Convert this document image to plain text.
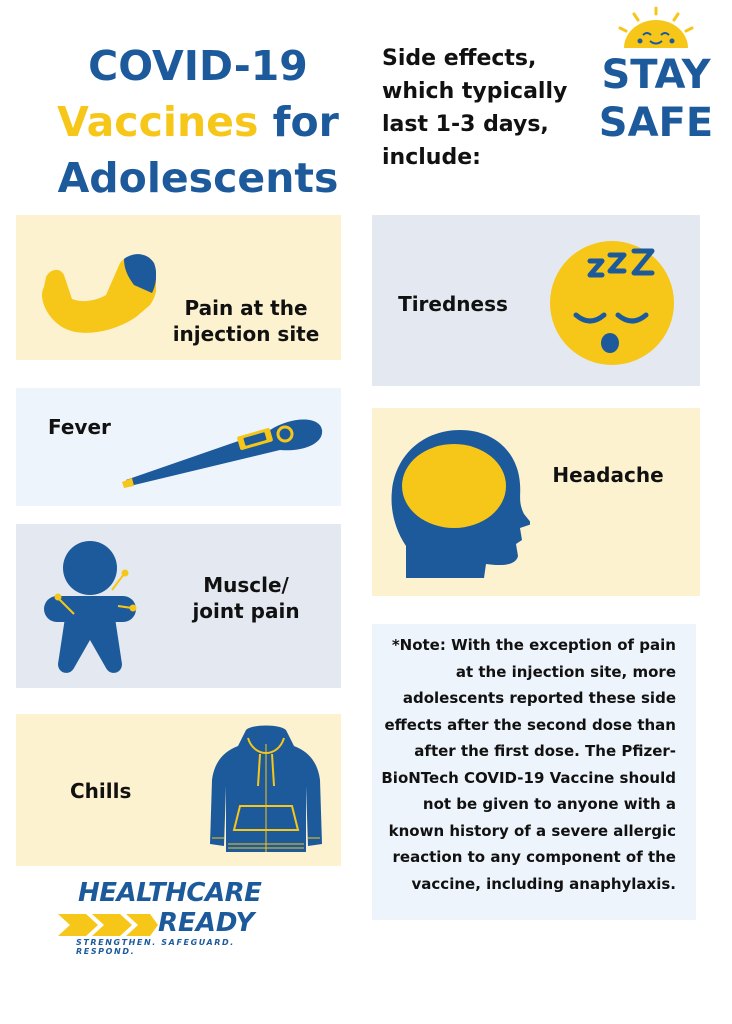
COVID-19
Vaccines for
Adolescents
Side effects, which typically last 1-3 days, include:
STAY
SAFE
Pain at the
injection site
Tiredness
Fever
Headache
Muscle/
joint pain

*Note: With the exception of pain at the injection site, more adolescents reported these side effects after the second dose than after the first dose. The Pfizer-BioNTech COVID-19 Vaccine should not be given to anyone with a known history of a severe allergic reaction to any component of the vaccine, including anaphylaxis.

Chills
HEALTHCARE
READY
STRENGTHEN. SAFEGUARD. RESPOND.
